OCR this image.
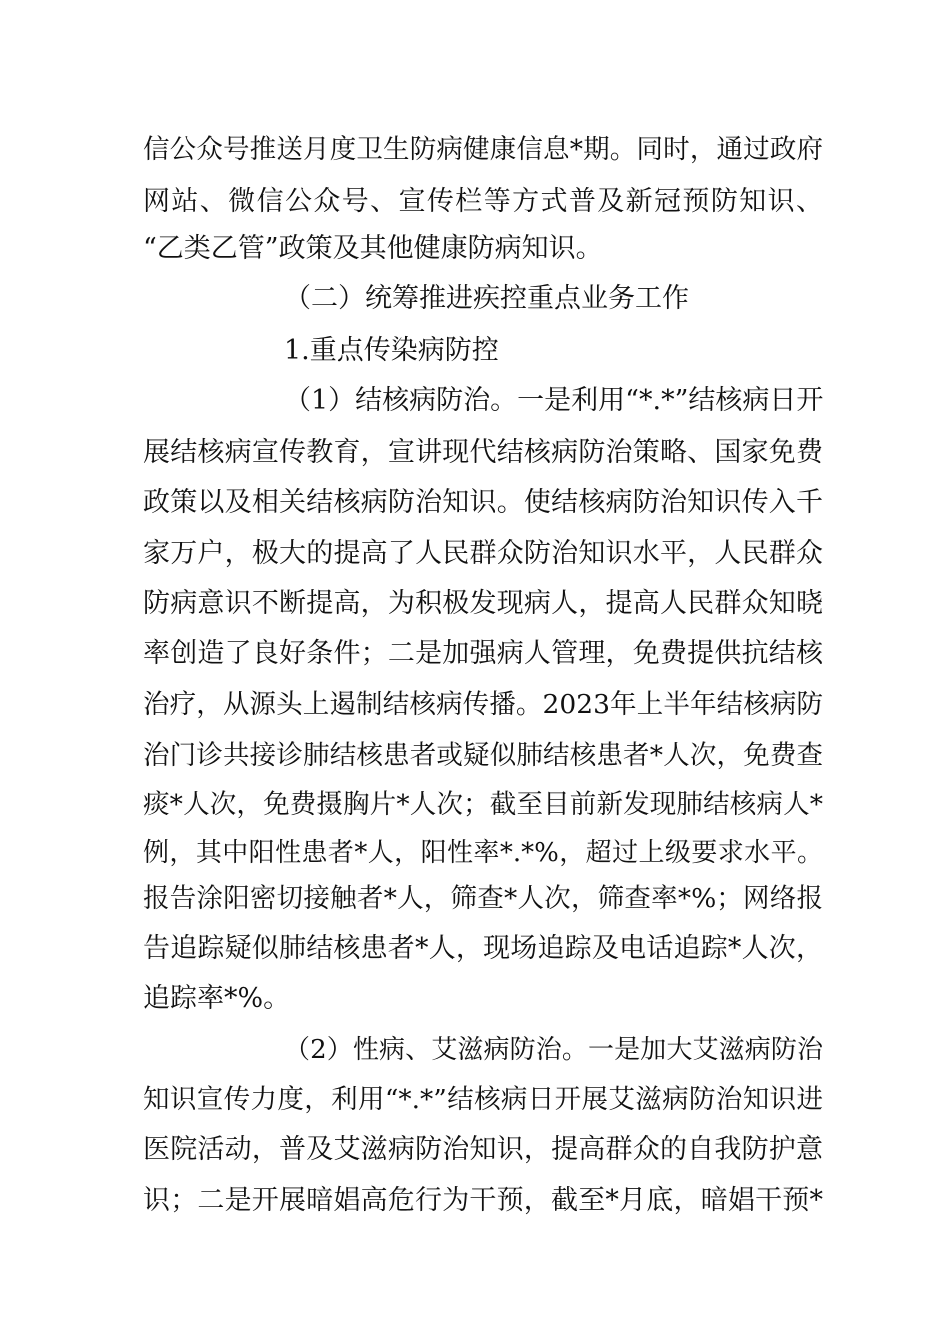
信公众号推送月度卫生防病健康信息*期。同时，通过政府
网站、微信公众号、宣传栏等方式普及新冠预防知识、
“乙类乙管”政策及其他健康防病知识。
（二）统筹推进疾控重点业务工作
1.重点传染病防控
（1）结核病防治。一是利用“*.*”结核病日开
展结核病宣传教育，宣讲现代结核病防治策略、国家免费
政策以及相关结核病防治知识。使结核病防治知识传入千
家万户，极大的提高了人民群众防治知识水平，人民群众
防病意识不断提高，为积极发现病人，提高人民群众知晓
率创造了良好条件；二是加强病人管理，免费提供抗结核
治疗，从源头上遏制结核病传播。2023年上半年结核病防
治门诊共接诊肺结核患者或疑似肺结核患者*人次，免费查
痰*人次，免费摄胸片*人次；截至目前新发现肺结核病人*
例，其中阳性患者*人，阳性率*.*%，超过上级要求水平。
报告涂阳密切接触者*人，筛查*人次，筛查率*%；网络报
告追踪疑似肺结核患者*人，现场追踪及电话追踪*人次，
追踪率*%。
（2）性病、艾滋病防治。一是加大艾滋病防治
知识宣传力度，利用“*.*”结核病日开展艾滋病防治知识进
医院活动，普及艾滋病防治知识，提高群众的自我防护意
识；二是开展暗娼高危行为干预，截至*月底，暗娼干预*
